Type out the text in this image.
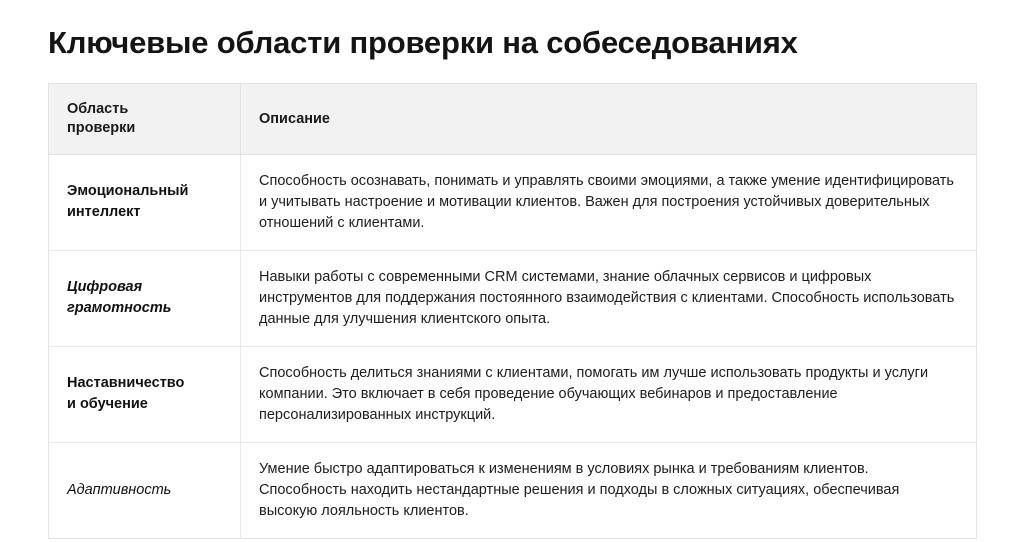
Ключевые области проверки на собеседованиях
Область
проверки	Описание

Эмоциональный
интеллект	Способность осознавать, понимать и управлять своими эмоциями, а также умение идентифицировать и учитывать настроение и мотивации клиентов. Важен для построения устойчивых доверительных отношений с клиентами.

Цифровая
грамотность	Навыки работы с современными CRM системами, знание облачных сервисов и цифровых инструментов для поддержания постоянного взаимодействия с клиентами. Способность использовать данные для улучшения клиентского опыта.

Наставничество
и обучение	Способность делиться знаниями с клиентами, помогать им лучше использовать продукты и услуги компании. Это включает в себя проведение обучающих вебинаров и предоставление персонализированных инструкций.

Адаптивность	Умение быстро адаптироваться к изменениям в условиях рынка и требованиям клиентов. Способность находить нестандартные решения и подходы в сложных ситуациях, обеспечивая высокую лояльность клиентов.
